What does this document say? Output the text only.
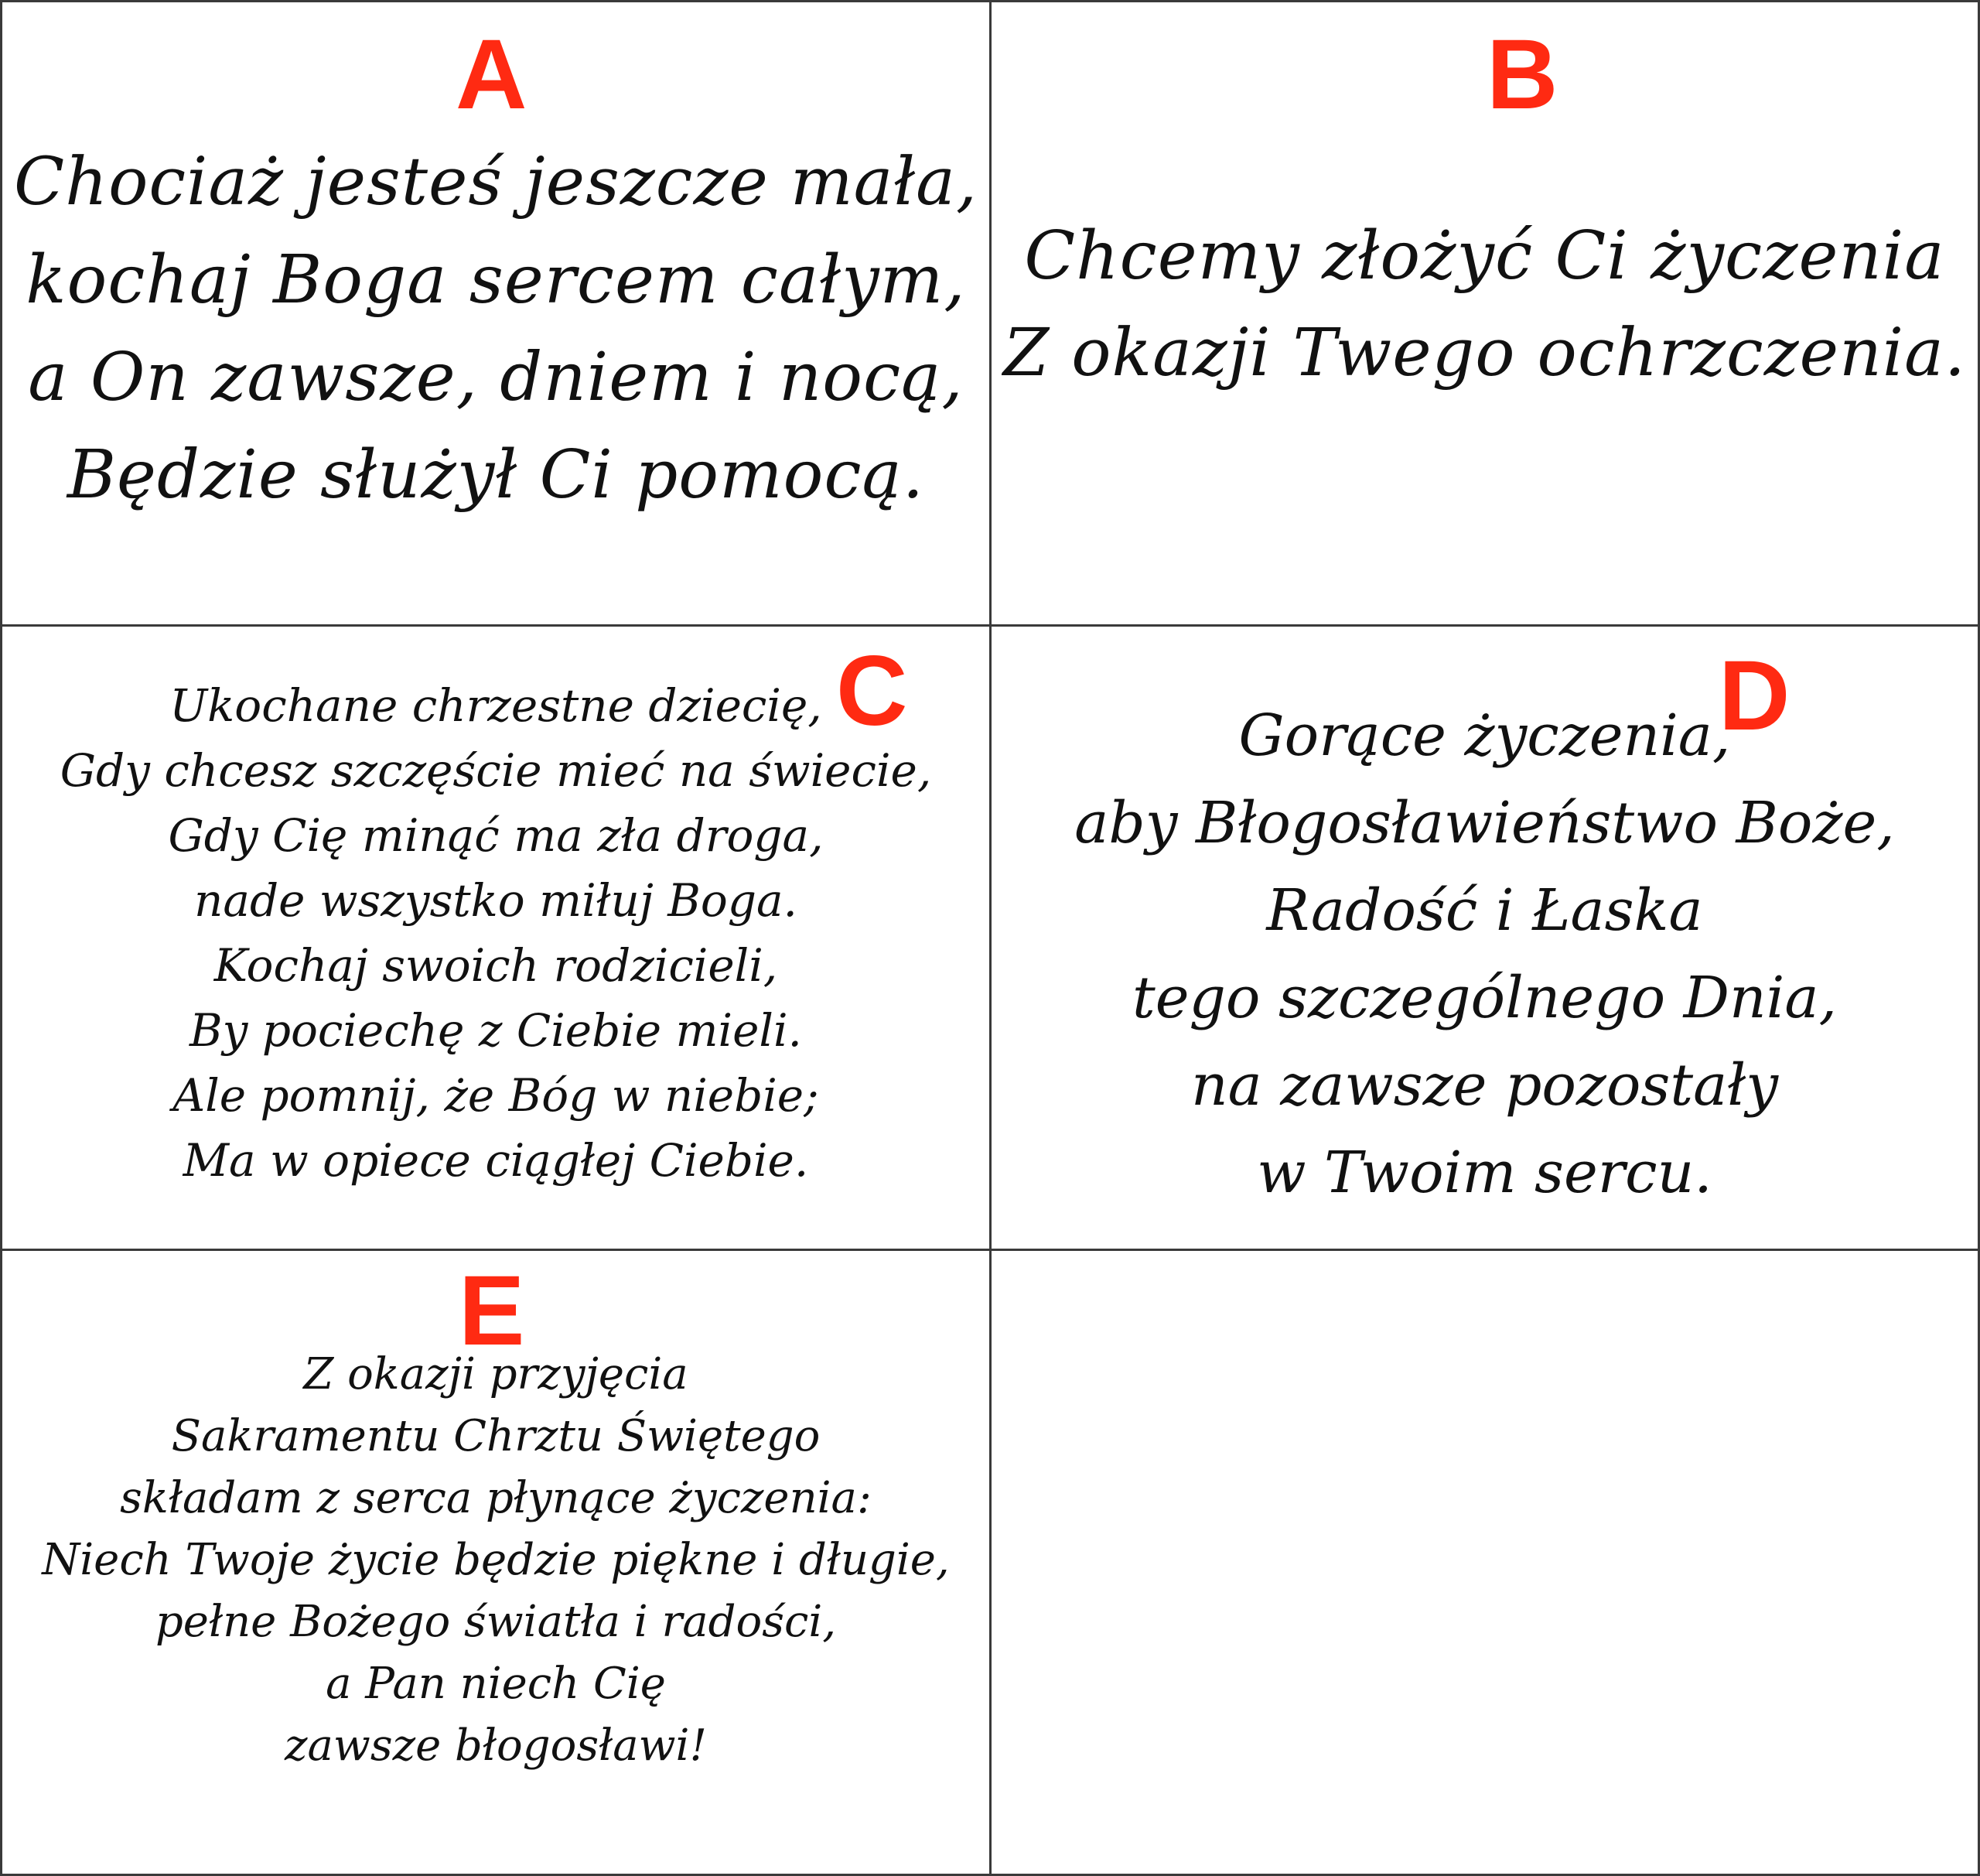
A
Chociaż jesteś jeszcze mała,
kochaj Boga sercem całym,
a On zawsze, dniem i nocą,
Będzie służył Ci pomocą.
B
Chcemy złożyć Ci życzenia
Z okazji Twego ochrzczenia.
Ukochane chrzestne dziecię,
Gdy chcesz szczęście mieć na świecie,
Gdy Cię minąć ma zła droga,
nade wszystko miłuj Boga.
Kochaj swoich rodzicieli,
By pociechę z Ciebie mieli.
Ale pomnij, że Bóg w niebie;
Ma w opiece ciągłej Ciebie.
C	Gorące życzenia,
aby Błogosławieństwo Boże,
Radość i Łaska
tego szczególnego Dnia,
na zawsze pozostały
w Twoim sercu.
D
E
Z okazji przyjęcia
Sakramentu Chrztu Świętego
składam z serca płynące życzenia:
Niech Twoje życie będzie piękne i długie,
pełne Bożego światła i radości,
a Pan niech Cię
zawsze błogosławi!
